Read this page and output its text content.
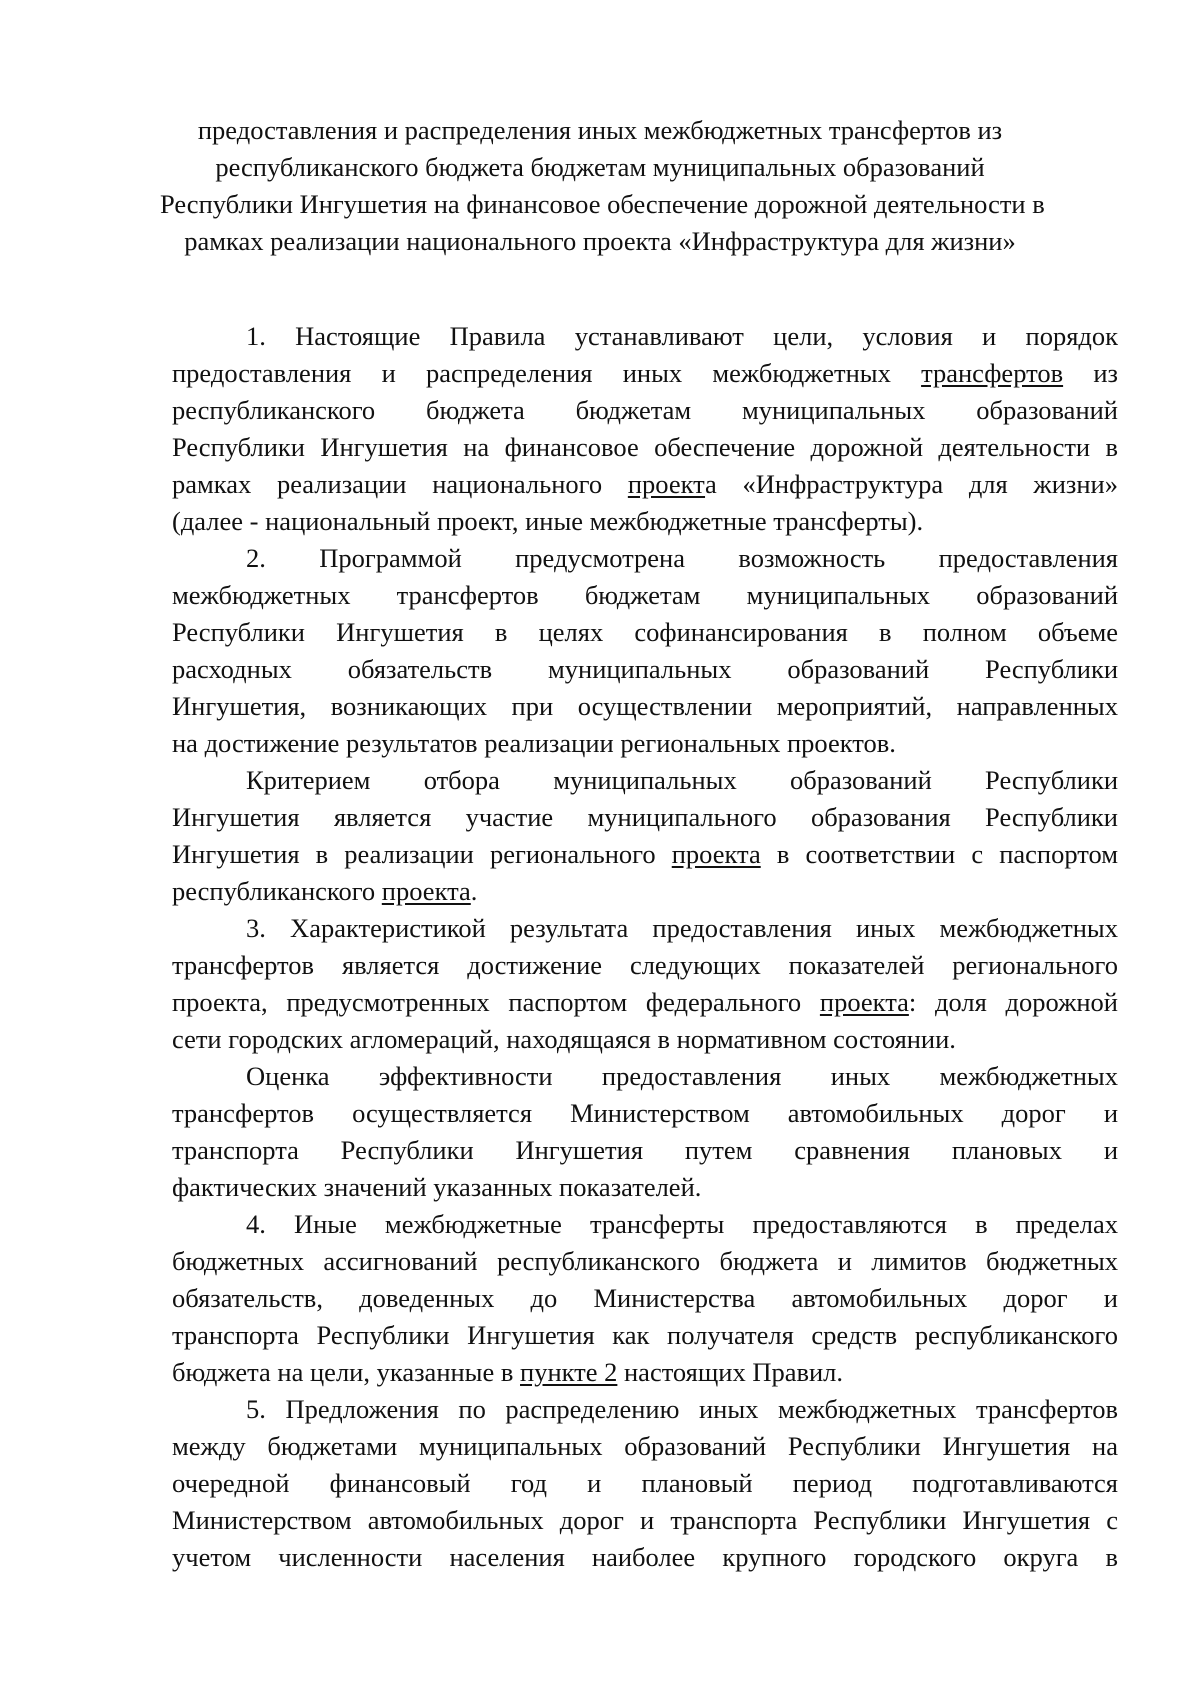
предоставления и распределения иных межбюджетных трансфертов из
республиканского бюджета бюджетам муниципальных образований
Республики Ингушетия на финансовое обеспечение дорожной деятельности в
рамках реализации национального проекта «Инфраструктура для жизни»
1. Настоящие Правила устанавливают цели, условия и порядок
предоставления и распределения иных межбюджетных трансфертов из
республиканского бюджета бюджетам муниципальных образований
Республики Ингушетия на финансовое обеспечение дорожной деятельности в
рамках реализации национального проекта «Инфраструктура для жизни»
(далее - национальный проект, иные межбюджетные трансферты).
2. Программой предусмотрена возможность предоставления
межбюджетных трансфертов бюджетам муниципальных образований
Республики Ингушетия в целях софинансирования в полном объеме
расходных обязательств муниципальных образований Республики
Ингушетия, возникающих при осуществлении мероприятий, направленных
на достижение результатов реализации региональных проектов.
Критерием отбора муниципальных образований Республики
Ингушетия является участие муниципального образования Республики
Ингушетия в реализации регионального проекта в соответствии с паспортом
республиканского проекта.
3. Характеристикой результата предоставления иных межбюджетных
трансфертов является достижение следующих показателей регионального
проекта, предусмотренных паспортом федерального проекта: доля дорожной
сети городских агломераций, находящаяся в нормативном состоянии.
Оценка эффективности предоставления иных межбюджетных
трансфертов осуществляется Министерством автомобильных дорог и
транспорта Республики Ингушетия путем сравнения плановых и
фактических значений указанных показателей.
4. Иные межбюджетные трансферты предоставляются в пределах
бюджетных ассигнований республиканского бюджета и лимитов бюджетных
обязательств, доведенных до Министерства автомобильных дорог и
транспорта Республики Ингушетия как получателя средств республиканского
бюджета на цели, указанные в пункте 2 настоящих Правил.
5. Предложения по распределению иных межбюджетных трансфертов
между бюджетами муниципальных образований Республики Ингушетия на
очередной финансовый год и плановый период подготавливаются
Министерством автомобильных дорог и транспорта Республики Ингушетия с
учетом численности населения наиболее крупного городского округа в
